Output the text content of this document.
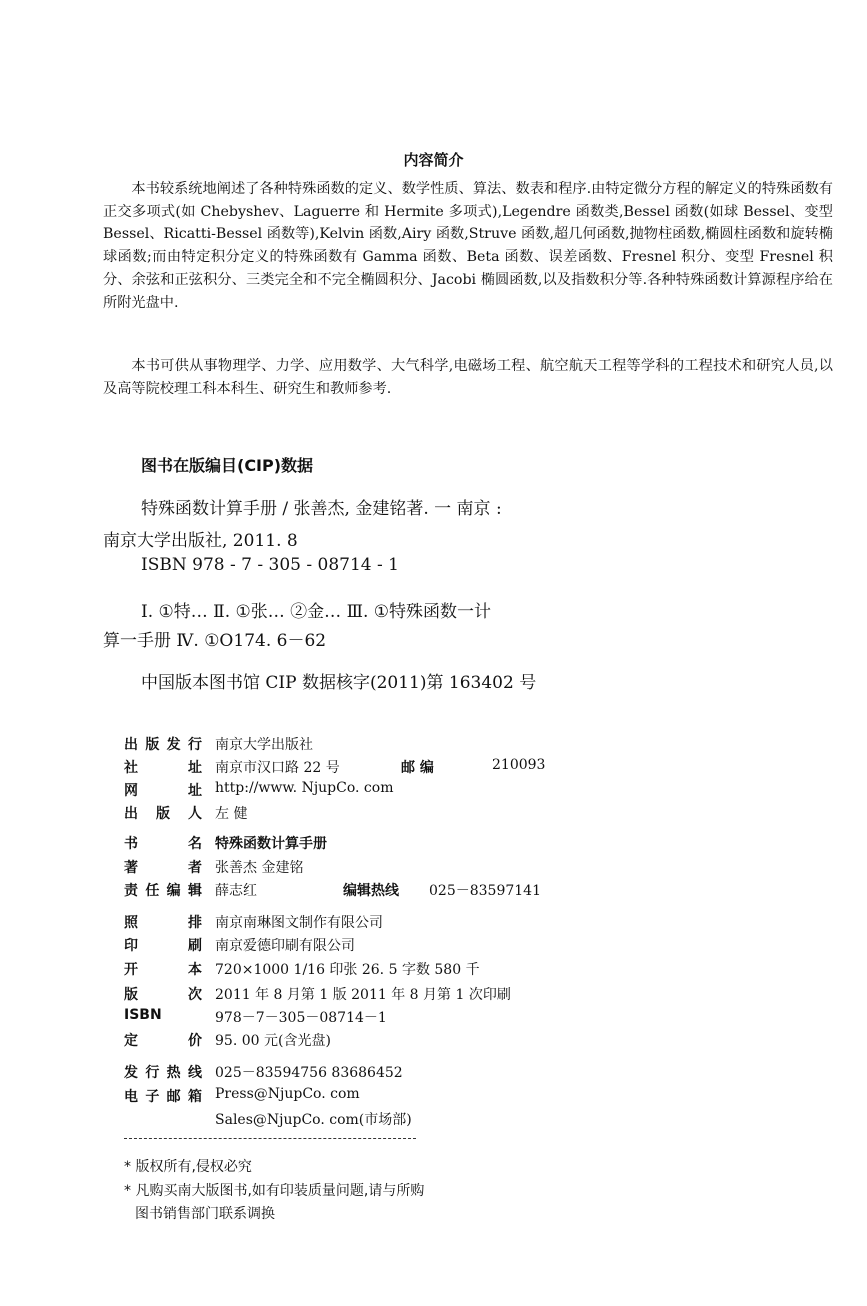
内容简介
本书较系统地阐述了各种特殊函数的定义、数学性质、算法、数表和程序.由特定微分方程的解定义的特殊函数有正交多项式(如 Chebyshev、Laguerre 和 Hermite 多项式),Legendre 函数类,Bessel 函数(如球 Bessel、变型 Bessel、Ricatti-Bessel 函数等),Kelvin 函数,Airy 函数,Struve 函数,超几何函数,抛物柱函数,椭圆柱函数和旋转椭球函数;而由特定积分定义的特殊函数有 Gamma 函数、Beta 函数、误差函数、Fresnel 积分、变型 Fresnel 积分、余弦和正弦积分、三类完全和不完全椭圆积分、Jacobi 椭圆函数,以及指数积分等.各种特殊函数计算源程序给在所附光盘中.
本书可供从事物理学、力学、应用数学、大气科学,电磁场工程、航空航天工程等学科的工程技术和研究人员,以及高等院校理工科本科生、研究生和教师参考.
图书在版编目(CIP)数据
特殊函数计算手册 / 张善杰, 金建铭著. 一 南京 :
南京大学出版社, 2011. 8
ISBN 978 - 7 - 305 - 08714 - 1
Ⅰ. ①特… Ⅱ. ①张… ②金… Ⅲ. ①特殊函数一计
算一手册 Ⅳ. ①O174. 6－62
中国版本图书馆 CIP 数据核字(2011)第 163402 号
出 版 发 行 南京大学出版社
社	址 南京市汉口路 22 号	邮 编	210093
网	址 http://www. NjupCo. com
出 版 人 左 健
书	名 特殊函数计算手册
著	者 张善杰 金建铭
责 任 编 辑 薛志红	编辑热线 025－83597141
照	排 南京南琳图文制作有限公司
印	刷 南京爱德印刷有限公司
开	本 720×1000 1/16 印张 26. 5 字数 580 千
版	次 2011 年 8 月第 1 版 2011 年 8 月第 1 次印刷
ISBN	978－7－305－08714－1
定	价 95. 00 元(含光盘)
发 行 热 线 025－83594756 83686452
电 子 邮 箱 Press@NjupCo. com
Sales@NjupCo. com(市场部)
* 版权所有,侵权必究
* 凡购买南大版图书,如有印装质量问题,请与所购
图书销售部门联系调换
